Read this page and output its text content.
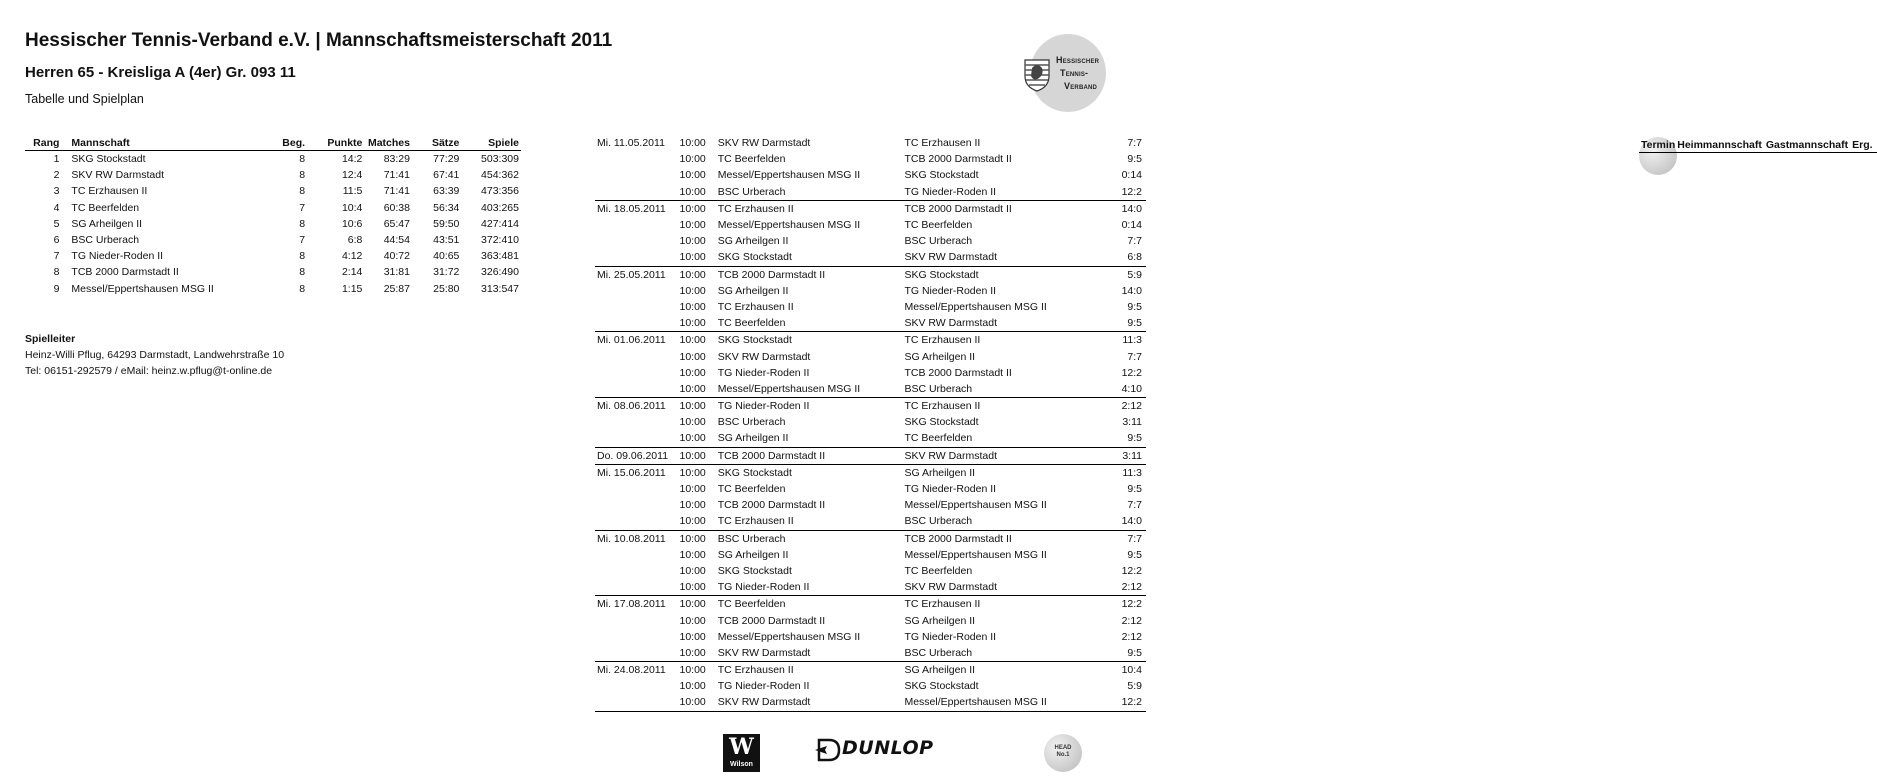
Hessischer Tennis-Verband e.V. | Mannschaftsmeisterschaft 2011
Herren 65 - Kreisliga A (4er) Gr. 093 11
Tabelle und Spielplan
Hessischer
Tennis-
Verband
Rang	Mannschaft	Beg.	Punkte	Matches	Sätze	Spiele
1	SKG Stockstadt	8	14:2	83:29	77:29	503:309
2	SKV RW Darmstadt	8	12:4	71:41	67:41	454:362
3	TC Erzhausen II	8	11:5	71:41	63:39	473:356
4	TC Beerfelden	7	10:4	60:38	56:34	403:265
5	SG Arheilgen II	8	10:6	65:47	59:50	427:414
6	BSC Urberach	7	6:8	44:54	43:51	372:410
7	TG Nieder-Roden II	8	4:12	40:72	40:65	363:481
8	TCB 2000 Darmstadt II	8	2:14	31:81	31:72	326:490
9	Messel/Eppertshausen MSG II	8	1:15	25:87	25:80	313:547
Spielleiter
Heinz-Willi Pflug, 64293 Darmstadt, Landwehrstraße 10
Tel: 06151-292579 / eMail: heinz.w.pflug@t-online.de
Termin	Heimmannschaft	Gastmannschaft	Erg.
Mi. 11.05.2011	10:00	SKV RW Darmstadt	TC Erzhausen II	7:7
	10:00	TC Beerfelden	TCB 2000 Darmstadt II	9:5
	10:00	Messel/Eppertshausen MSG II	SKG Stockstadt	0:14
	10:00	BSC Urberach	TG Nieder-Roden II	12:2
Mi. 18.05.2011	10:00	TC Erzhausen II	TCB 2000 Darmstadt II	14:0
	10:00	Messel/Eppertshausen MSG II	TC Beerfelden	0:14
	10:00	SG Arheilgen II	BSC Urberach	7:7
	10:00	SKG Stockstadt	SKV RW Darmstadt	6:8
Mi. 25.05.2011	10:00	TCB 2000 Darmstadt II	SKG Stockstadt	5:9
	10:00	SG Arheilgen II	TG Nieder-Roden II	14:0
	10:00	TC Erzhausen II	Messel/Eppertshausen MSG II	9:5
	10:00	TC Beerfelden	SKV RW Darmstadt	9:5
Mi. 01.06.2011	10:00	SKG Stockstadt	TC Erzhausen II	11:3
	10:00	SKV RW Darmstadt	SG Arheilgen II	7:7
	10:00	TG Nieder-Roden II	TCB 2000 Darmstadt II	12:2
	10:00	Messel/Eppertshausen MSG II	BSC Urberach	4:10
Mi. 08.06.2011	10:00	TG Nieder-Roden II	TC Erzhausen II	2:12
	10:00	BSC Urberach	SKG Stockstadt	3:11
	10:00	SG Arheilgen II	TC Beerfelden	9:5
Do. 09.06.2011	10:00	TCB 2000 Darmstadt II	SKV RW Darmstadt	3:11
Mi. 15.06.2011	10:00	SKG Stockstadt	SG Arheilgen II	11:3
	10:00	TC Beerfelden	TG Nieder-Roden II	9:5
	10:00	TCB 2000 Darmstadt II	Messel/Eppertshausen MSG II	7:7
	10:00	TC Erzhausen II	BSC Urberach	14:0
Mi. 10.08.2011	10:00	BSC Urberach	TCB 2000 Darmstadt II	7:7
	10:00	SG Arheilgen II	Messel/Eppertshausen MSG II	9:5
	10:00	SKG Stockstadt	TC Beerfelden	12:2
	10:00	TG Nieder-Roden II	SKV RW Darmstadt	2:12
Mi. 17.08.2011	10:00	TC Beerfelden	TC Erzhausen II	12:2
	10:00	TCB 2000 Darmstadt II	SG Arheilgen II	2:12
	10:00	Messel/Eppertshausen MSG II	TG Nieder-Roden II	2:12
	10:00	SKV RW Darmstadt	BSC Urberach	9:5
Mi. 24.08.2011	10:00	TC Erzhausen II	SG Arheilgen II	10:4
	10:00	TG Nieder-Roden II	SKG Stockstadt	5:9
	10:00	SKV RW Darmstadt	Messel/Eppertshausen MSG II	12:2
W
Wilson
DUNLOP	HEAD
No.1
